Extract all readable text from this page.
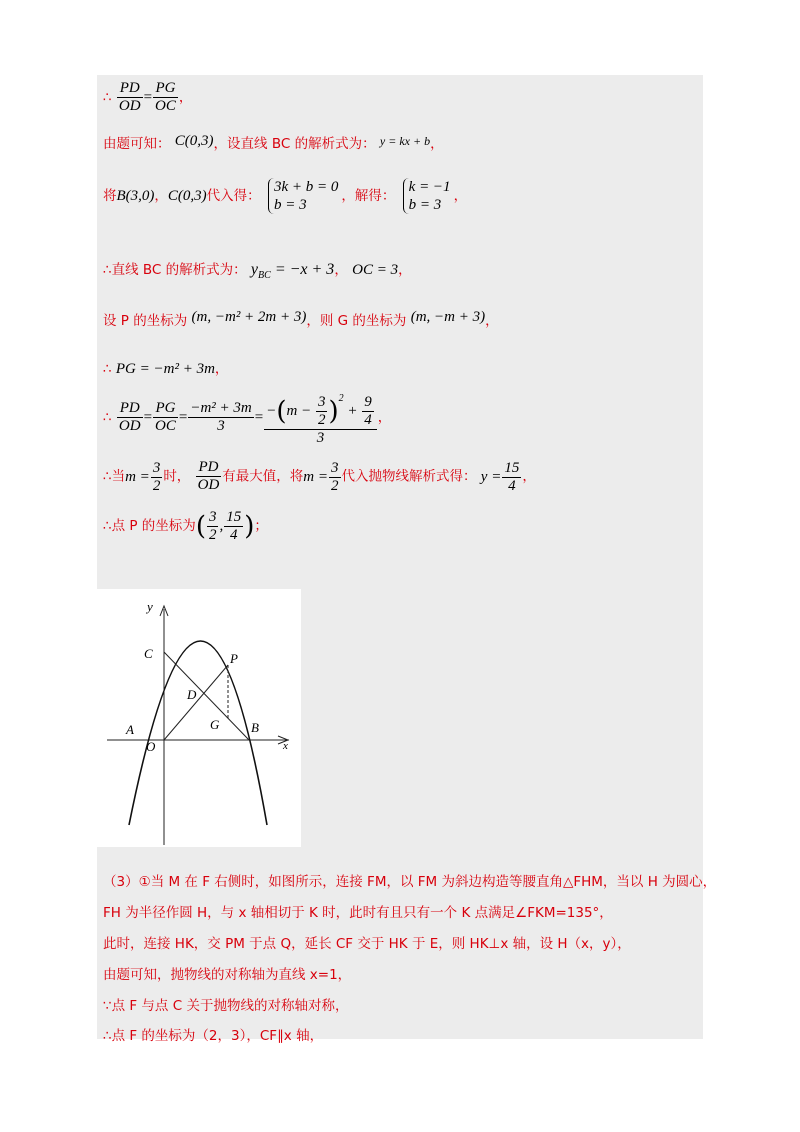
∴ $\frac{PD}{OD} = \frac{PG}{OC}$ ，
由题可知： C(0,3)，设直线 BC 的解析式为： y = kx + b，
将B(3,0)，C(0,3)代入得：
3k + b = 0
b = 3
，解得：
k = −1
b = 3
，
∴直线 BC 的解析式为： $y_{BC} = -x + 3$， OC = 3，
设 P 的坐标为 (m, −m² + 2m + 3)，则 G 的坐标为 (m, −m + 3)，
∴ PG = −m² + 3m，
∴ $\frac{PD}{OD} = \frac{PG}{OC} = \frac{\text{−m² + 3m}}{3} = \frac{-(m - \frac{3}{2} )^2 + \frac{9}{4}}{3}$ ，
∴当$m = \frac{3}{2}$ 时， $\frac{PD}{OD}$ 有最大值，将$m = \frac{3}{2}$ 代入抛物线解析式得： $y = \frac{15}{4}$ ，
∴点 P 的坐标为( $\frac{3}{2}$ , $\frac{15}{4}$ )；
y
x
C	P
D
G
A
O
B
（3）①当 M 在 F 右侧时，如图所示，连接 FM，以 FM 为斜边构造等腰直角△FHM，当以 H 为圆心，
FH 为半径作圆 H，与 x 轴相切于 K 时，此时有且只有一个 K 点满足∠FKM=135°，
此时，连接 HK，交 PM 于点 Q，延长 CF 交于 HK 于 E，则 HK⊥x 轴，设 H（x，y），
由题可知，抛物线的对称轴为直线 x=1，
∵点 F 与点 C 关于抛物线的对称轴对称，
∴点 F 的坐标为（2，3），CF∥x 轴，
